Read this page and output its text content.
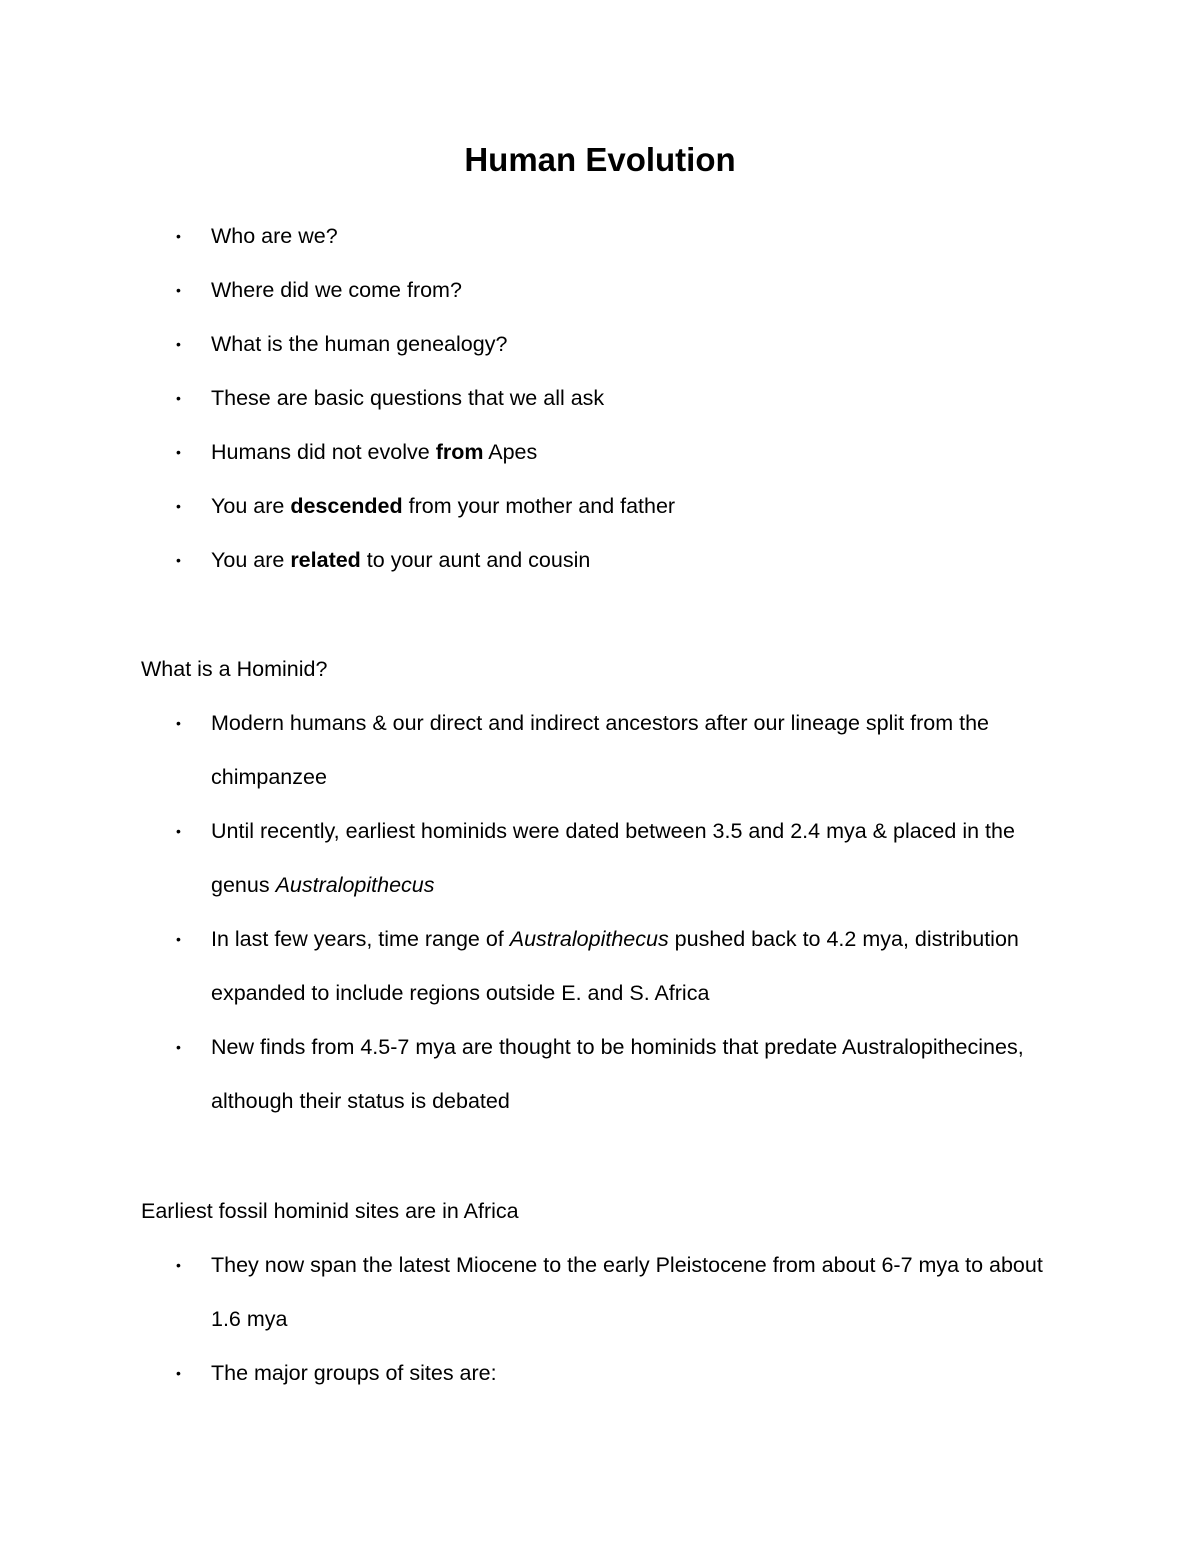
Human Evolution
• Who are we?
• Where did we come from?
• What is the human genealogy?
• These are basic questions that we all ask
• Humans did not evolve from Apes
• You are descended from your mother and father
• You are related to your aunt and cousin

What is a Hominid?

• Modern humans & our direct and indirect ancestors after our lineage split from the chimpanzee
• Until recently, earliest hominids were dated between 3.5 and 2.4 mya & placed in the genus Australopithecus
• In last few years, time range of Australopithecus pushed back to 4.2 mya, distribution expanded to include regions outside E. and S. Africa
• New finds from 4.5-7 mya are thought to be hominids that predate Australopithecines, although their status is debated

Earliest fossil hominid sites are in Africa

• They now span the latest Miocene to the early Pleistocene from about 6-7 mya to about 1.6 mya
• The major groups of sites are:
